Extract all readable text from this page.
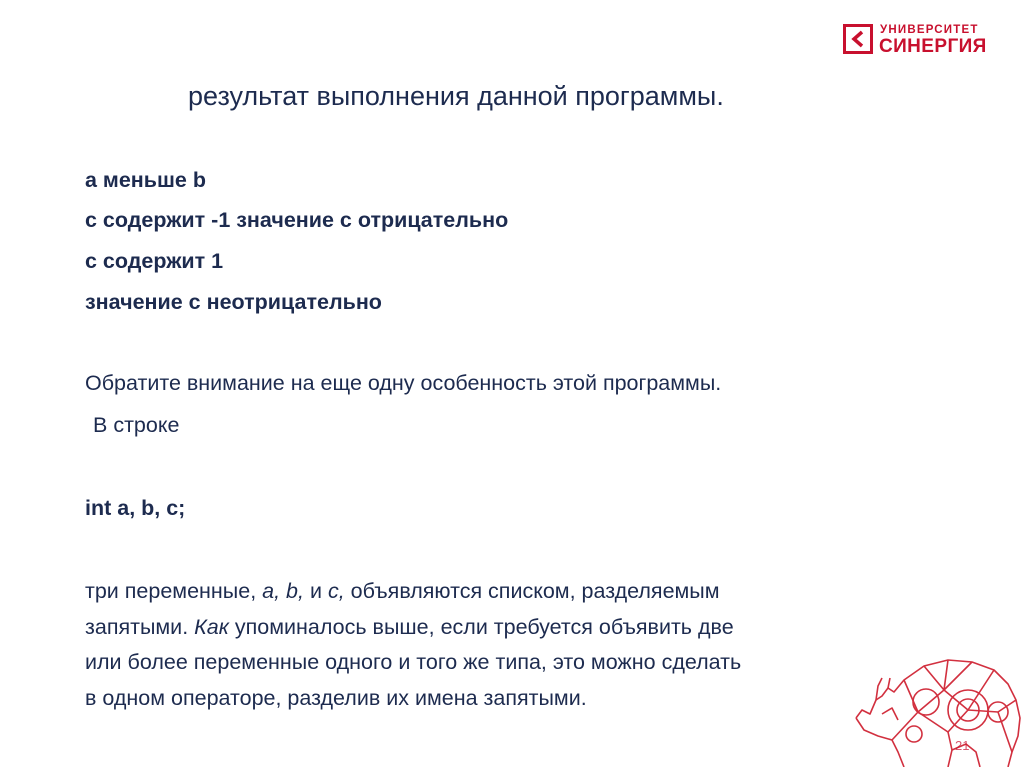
УНИВЕРСИТЕТ
СИНЕРГИЯ
результат выполнения данной программы.
а меньше b
с содержит -1 значение с отрицательно
с содержит 1
значение с неотрицательно
Обратите внимание на еще одну особенность этой программы.
В строке
int a, b, c;
три переменные, a, b, и c, объявляются списком, разделяемым
запятыми. Как упоминалось выше, если требуется объявить две
или более переменные одного и того же типа, это можно сделать
в одном операторе, разделив их имена запятыми.
21
